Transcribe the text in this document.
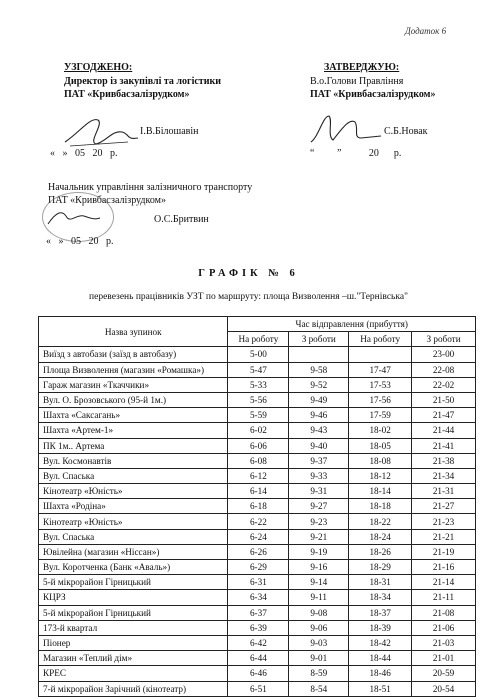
Додаток 6
УЗГОДЖЕНО:
Директор із закупівлі та логістики
ПАТ «Кривбасзалізрудком»
І.В.Білошавін
«   »   05   20   р.
ЗАТВЕРДЖУЮ:
В.о.Голови Правління
ПАТ «Кривбасзалізрудком»
С.Б.Новак
“         ”           20      р.
Начальник управління залізничного транспорту
ПАТ «Кривбасзалізрудком»
О.С.Бритвин
«   »   05   20   р.
ГРАФІК № 6
перевезень працівників УЗТ по маршруту: площа Визволення –ш."Тернівська"
Назва зупинок	Час відправлення (прибуття)			
	На роботу	З роботи	На роботу	З роботи
Виїзд з автобази (заїзд в автобазу)	5-00			23-00
Площа Визволення (магазин «Ромашка»)	5-47	9-58	17-47	22-08
Гараж магазин «Ткаччики»	5-33	9-52	17-53	22-02
Вул. О. Брозовського (95-й 1м.)	5-56	9-49	17-56	21-50
Шахта «Саксагань»	5-59	9-46	17-59	21-47
Шахта «Артем-1»	6-02	9-43	18-02	21-44
ПК 1м.. Артема	6-06	9-40	18-05	21-41
Вул. Космонавтів	6-08	9-37	18-08	21-38
Вул. Спаська	6-12	9-33	18-12	21-34
Кінотеатр «Юність»	6-14	9-31	18-14	21-31
Шахта «Родіна»	6-18	9-27	18-18	21-27
Кінотеатр «Юність»	6-22	9-23	18-22	21-23
Вул. Спаська	6-24	9-21	18-24	21-21
Ювілейна (магазин «Ніссан»)	6-26	9-19	18-26	21-19
Вул. Коротченка (Банк «Аваль»)	6-29	9-16	18-29	21-16
5-й мікрорайон Гірницький	6-31	9-14	18-31	21-14
КЦРЗ	6-34	9-11	18-34	21-11
5-й мікрорайон Гірницький	6-37	9-08	18-37	21-08
173-й квартал	6-39	9-06	18-39	21-06
Піонер	6-42	9-03	18-42	21-03
Магазин «Теплий дім»	6-44	9-01	18-44	21-01
КРЕС	6-46	8-59	18-46	20-59
7-й мікрорайон Зарічний (кінотеатр)	6-51	8-54	18-51	20-54
